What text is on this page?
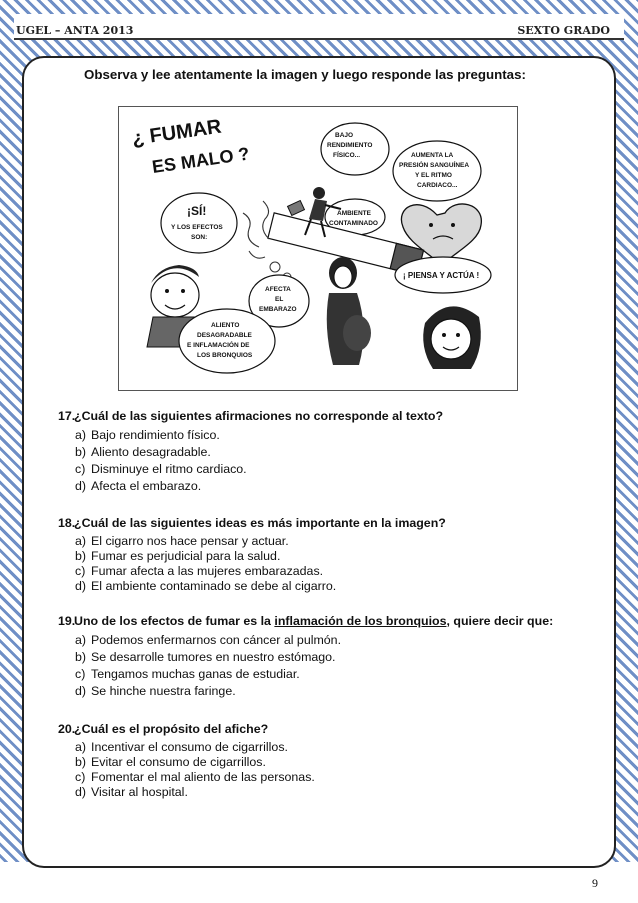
UGEL – ANTA 2013	SEXTO GRADO
Observa y lee atentamente la imagen y luego responde las preguntas:
¿ FUMAR
ES MALO ?
BAJO
RENDIMIENTO
FÍSICO...	AUMENTA LA
PRESIÓN SANGUÍNEA
Y EL RITMO
CARDIACO...
¡SÍ!
Y LOS EFECTOS
SON:
AMBIENTE
CONTAMINADO
¡ PIENSA Y ACTÚA !
AFECTA
EL
EMBARAZO
ALIENTO
DESAGRADABLE
E INFLAMACIÓN DE
LOS BRONQUIOS
17.¿Cuál de las siguientes afirmaciones no corresponde al texto?
a) Bajo rendimiento físico.
b) Aliento desagradable.
c) Disminuye el ritmo cardiaco.
d) Afecta el embarazo.
18.¿Cuál de las siguientes ideas es más importante en la imagen?
a) El cigarro nos hace pensar y actuar.
b) Fumar es perjudicial para la salud.
c) Fumar afecta a las mujeres embarazadas.
d) El ambiente contaminado se debe al cigarro.
19.Uno de los efectos de fumar es la inflamación de los bronquios, quiere decir que:
a) Podemos enfermarnos con cáncer al pulmón.
b) Se desarrolle tumores en nuestro estómago.
c) Tengamos muchas ganas de estudiar.
d) Se hinche nuestra faringe.
20.¿Cuál es el propósito del afiche?
a) Incentivar el consumo de cigarrillos.
b) Evitar el consumo de cigarrillos.
c) Fomentar el mal aliento de las personas.
d) Visitar al hospital.
9
